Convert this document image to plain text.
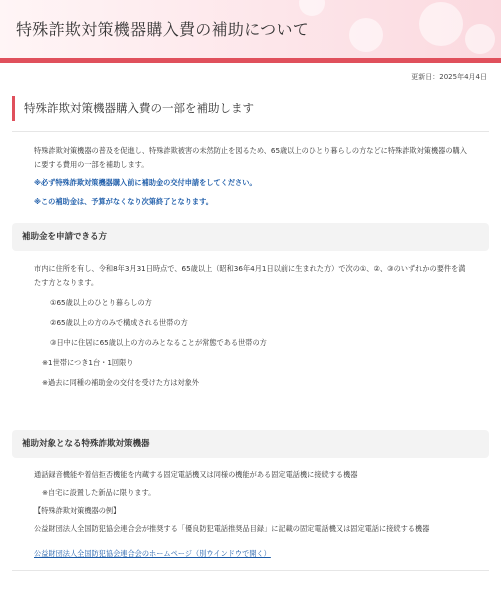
特殊詐欺対策機器購入費の補助について
更新日：2025年4月4日
特殊詐欺対策機器購入費の一部を補助します
特殊詐欺対策機器の普及を促進し、特殊詐欺被害の未然防止を図るため、65歳以上のひとり暮らしの方などに特殊詐欺対策機器の購入に要する費用の一部を補助します。
※必ず特殊詐欺対策機器購入前に補助金の交付申請をしてください。
※この補助金は、予算がなくなり次第終了となります。
補助金を申請できる方
市内に住所を有し、令和8年3月31日時点で、65歳以上（昭和36年4月1日以前に生まれた方）で次の①、②、③のいずれかの要件を満たす方となります。
①65歳以上のひとり暮らしの方
②65歳以上の方のみで構成される世帯の方
③日中に住居に65歳以上の方のみとなることが常態である世帯の方
※1世帯につき1台・1回限り
※過去に同種の補助金の交付を受けた方は対象外
補助対象となる特殊詐欺対策機器
通話録音機能や着信拒否機能を内蔵する固定電話機又は同様の機能がある固定電話機に接続する機器
※自宅に設置した新品に限ります。
【特殊詐欺対策機器の例】
公益財団法人全国防犯協会連合会が推奨する「優良防犯電話推奨品目録」に記載の固定電話機又は固定電話に接続する機器
公益財団法人全国防犯協会連合会のホームページ（別ウインドウで開く）
